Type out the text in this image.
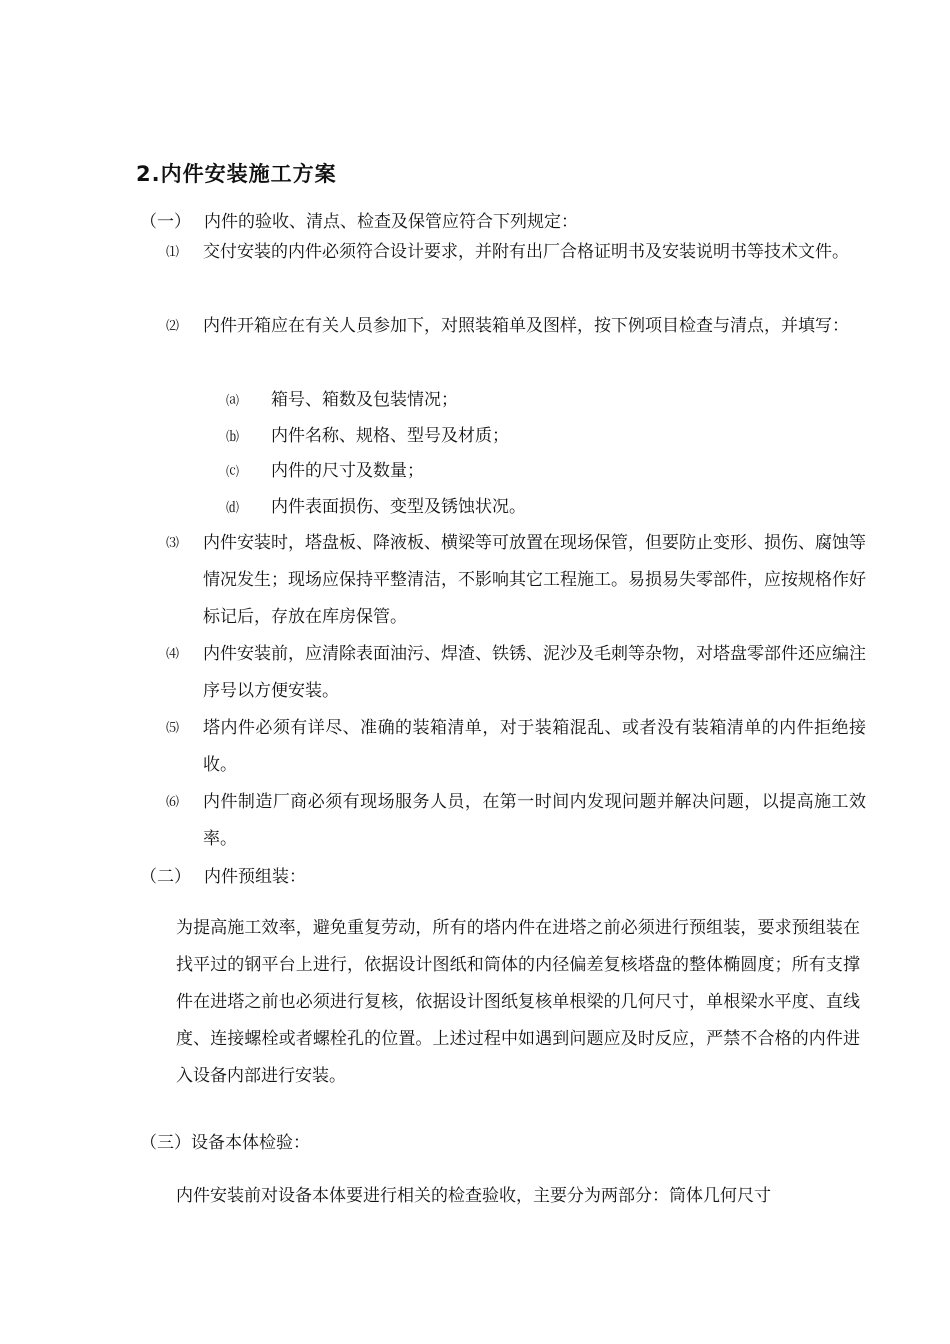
2.内件安装施工方案
（一） 内件的验收、清点、检查及保管应符合下列规定：
⑴ 交付安装的内件必须符合设计要求，并附有出厂合格证明书及安装说明书等技术文件。
⑵ 内件开箱应在有关人员参加下，对照装箱单及图样，按下例项目检查与清点，并填写：
⒜ 箱号、箱数及包装情况；
⒝ 内件名称、规格、型号及材质；
⒞ 内件的尺寸及数量；
⒟ 内件表面损伤、变型及锈蚀状况。
⑶ 内件安装时，塔盘板、降液板、横梁等可放置在现场保管，但要防止变形、损伤、腐蚀等情况发生；现场应保持平整清洁，不影响其它工程施工。易损易失零部件，应按规格作好标记后，存放在库房保管。
⑷ 内件安装前，应清除表面油污、焊渣、铁锈、泥沙及毛刺等杂物，对塔盘零部件还应编注序号以方便安装。
⑸ 塔内件必须有详尽、准确的装箱清单，对于装箱混乱、或者没有装箱清单的内件拒绝接收。
⑹ 内件制造厂商必须有现场服务人员，在第一时间内发现问题并解决问题，以提高施工效率。
（二） 内件预组装：
为提高施工效率，避免重复劳动，所有的塔内件在进塔之前必须进行预组装，要求预组装在找平过的钢平台上进行，依据设计图纸和筒体的内径偏差复核塔盘的整体椭圆度；所有支撑件在进塔之前也必须进行复核，依据设计图纸复核单根梁的几何尺寸，单根梁水平度、直线度、连接螺栓或者螺栓孔的位置。上述过程中如遇到问题应及时反应，严禁不合格的内件进入设备内部进行安装。
（三）设备本体检验：
内件安装前对设备本体要进行相关的检查验收，主要分为两部分：筒体几何尺寸
